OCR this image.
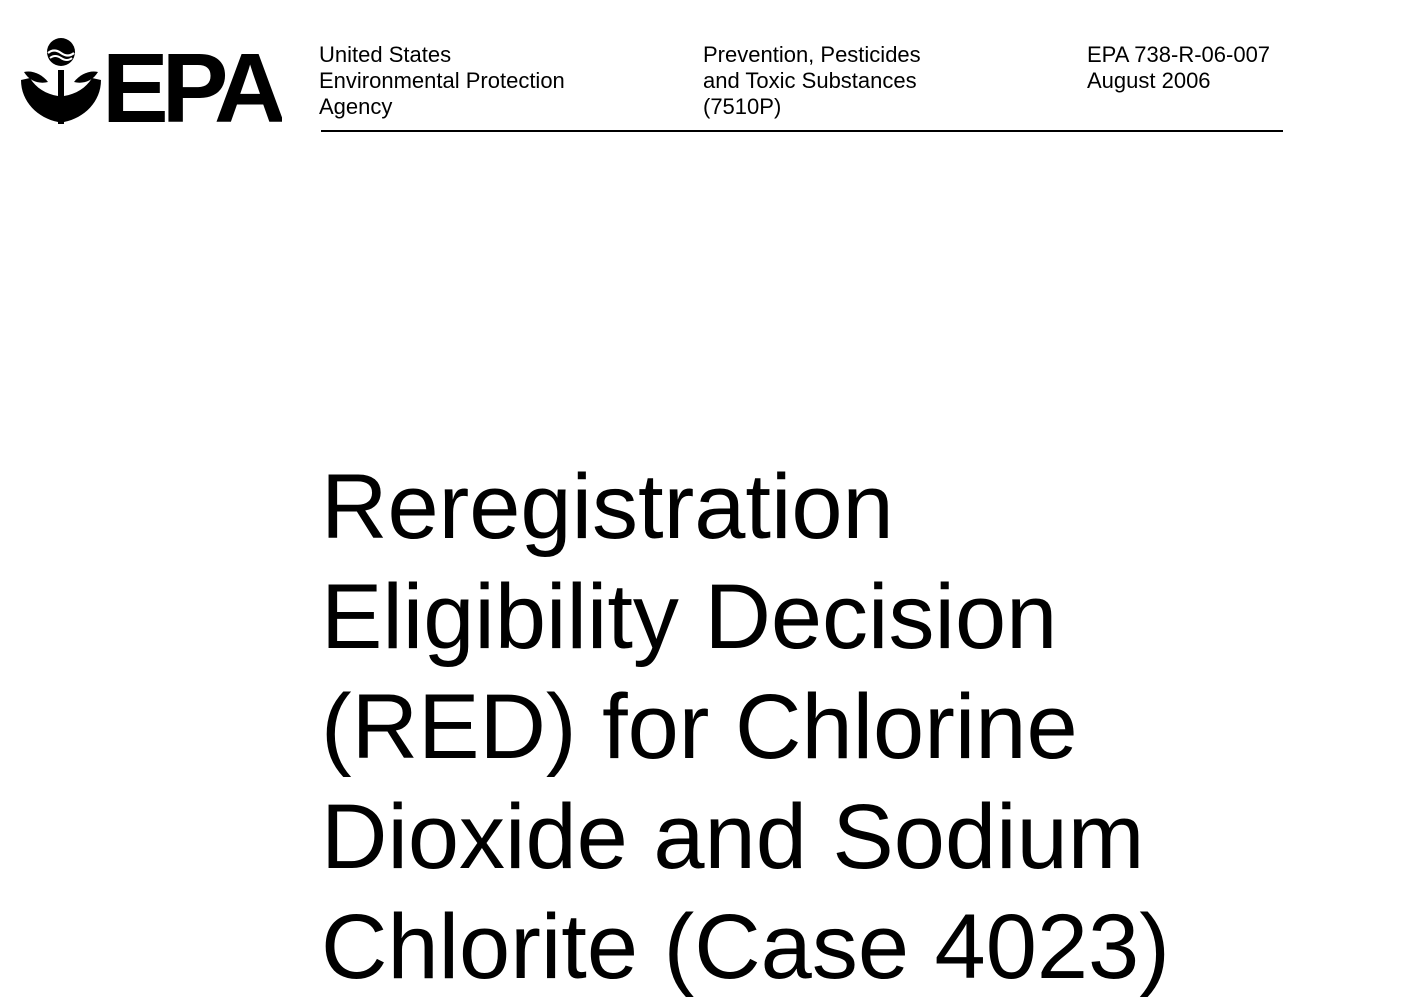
EPA United States
Environmental Protection
Agency
Prevention, Pesticides
and Toxic Substances
(7510P)
EPA 738-R-06-007
August 2006
Reregistration
Eligibility Decision
(RED) for Chlorine
Dioxide and Sodium
Chlorite (Case 4023)
